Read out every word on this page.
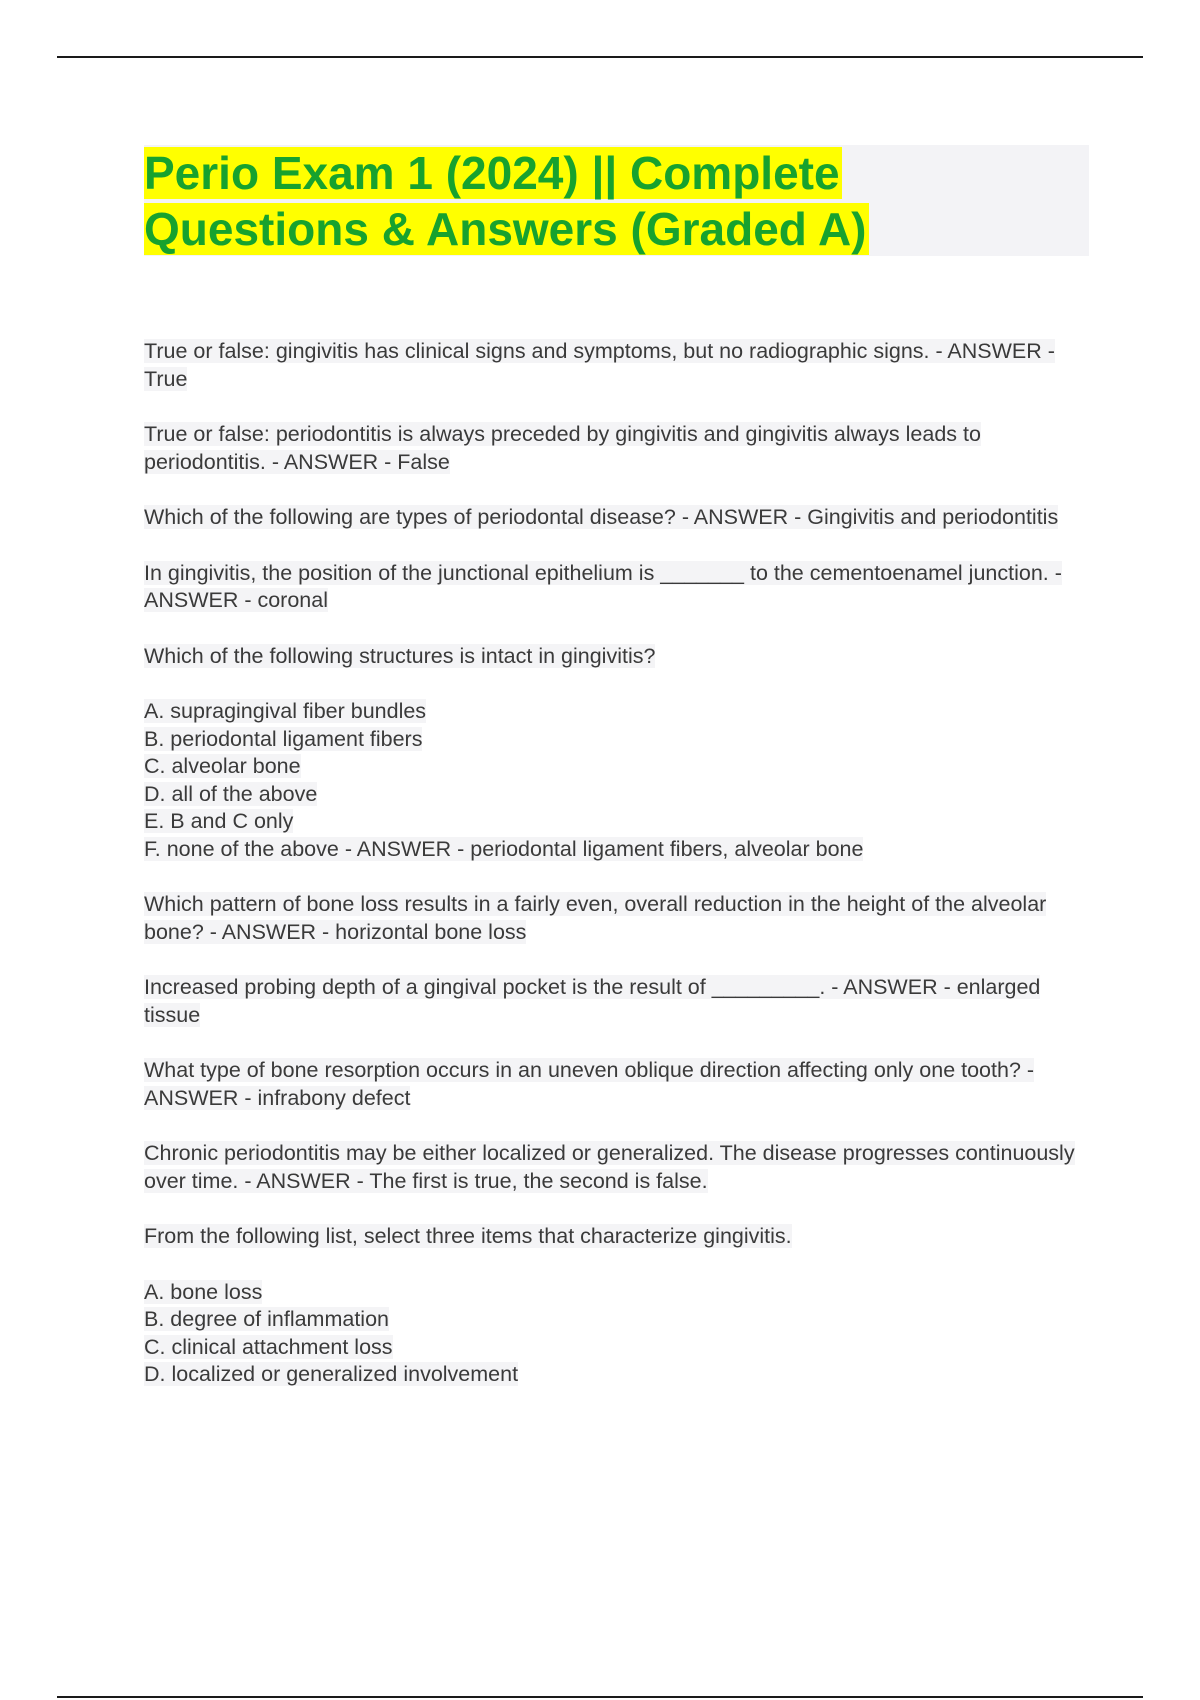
Perio Exam 1 (2024) || Complete
Questions & Answers (Graded A)

True or false: gingivitis has clinical signs and symptoms, but no radiographic signs. - ANSWER - True

True or false: periodontitis is always preceded by gingivitis and gingivitis always leads to periodontitis. - ANSWER - False

Which of the following are types of periodontal disease? - ANSWER - Gingivitis and periodontitis

In gingivitis, the position of the junctional epithelium is _______ to the cementoenamel junction. - ANSWER - coronal

Which of the following structures is intact in gingivitis?

A. supragingival fiber bundles
B. periodontal ligament fibers
C. alveolar bone
D. all of the above
E. B and C only
F. none of the above - ANSWER - periodontal ligament fibers, alveolar bone

Which pattern of bone loss results in a fairly even, overall reduction in the height of the alveolar bone? - ANSWER - horizontal bone loss

Increased probing depth of a gingival pocket is the result of _________. - ANSWER - enlarged tissue

What type of bone resorption occurs in an uneven oblique direction affecting only one tooth? - ANSWER - infrabony defect

Chronic periodontitis may be either localized or generalized. The disease progresses continuously over time. - ANSWER - The first is true, the second is false.

From the following list, select three items that characterize gingivitis.

A. bone loss
B. degree of inflammation
C. clinical attachment loss
D. localized or generalized involvement
